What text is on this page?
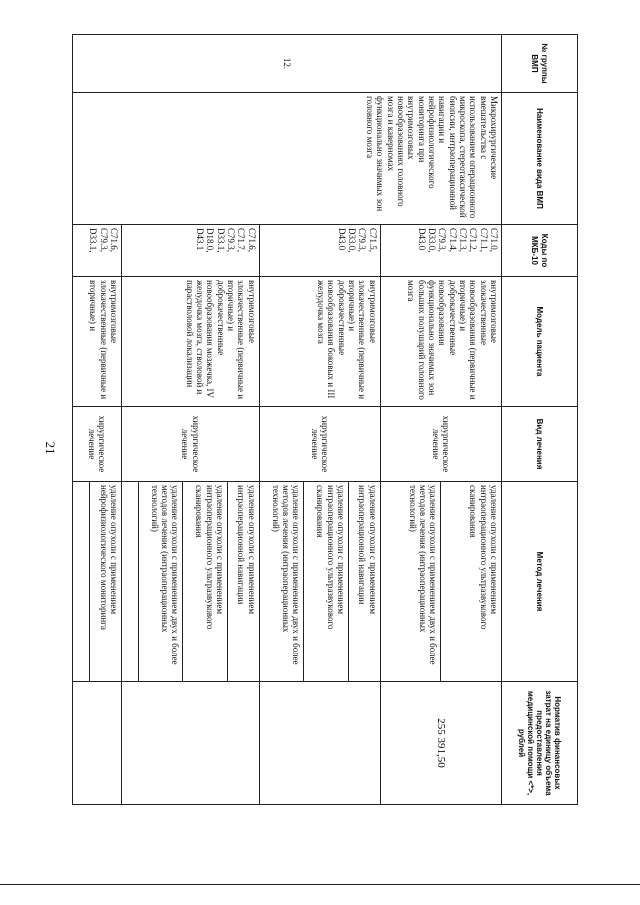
21
№ группы ВМП	Наименование вида ВМП	Коды по МКБ-10	Модель пациента	Вид лечения	Метод лечения	Норматив финансовых затрат на единицу объема предоставления медицинской помощи <*>, рублей
12.	Микрохирургические вмешательства с использованием операционного микроскопа, стереотаксической биопсии, интраоперационной навигации и нейрофизиологического мониторинга при внутримозговых новообразованиях головного мозга и каверномах функционально значимых зон головного мозга	C71.0, C71.1, C71.2, C71.3, C71.4, C79.3, D33.0, D43.0	внутримозговые злокачественные новообразования (первичные и вторичные) и доброкачественные новообразования функционально значимых зон больших полушарий головного мозга	хирургическое лечение	удаление опухоли с применением интраоперационного ультразвукового сканирования	255 391,50
					удаление опухоли с применением двух и более методов лечения (интраоперационных технологий)	
		C71.5, C79.3, D33.0, D43.0	внутримозговые злокачественные (первичные и вторичные) и доброкачественные новообразования боковых и III желудочка мозга	хирургическое лечение	удаление опухоли с применением интраоперационной навигации	
					удаление опухоли с применением интраоперационного ультразвукового сканирования	
					удаление опухоли с применением двух и более методов лечения (интраоперационных технологий)	
		C71.6, C71.7, C79.3, D33.1, D18.0, D43.1	внутримозговые злокачественные (первичные и вторичные) и доброкачественные новообразования мозжечка, IV желудочка мозга, стволовой и парастволовой локализации	хирургическое лечение	удаление опухоли с применением интраоперационной навигации	
					удаление опухоли с применением интраоперационного ультразвукового сканирования	
					удаление опухоли с применением двух и более методов лечения (интраоперационных технологий)	

		C71.6, C79.3, D33.1,	внутримозговые злокачественные (первичные и вторичные) и	хирургическое лечение	удаление опухоли с применением нейрофизиологического мониторинга	
